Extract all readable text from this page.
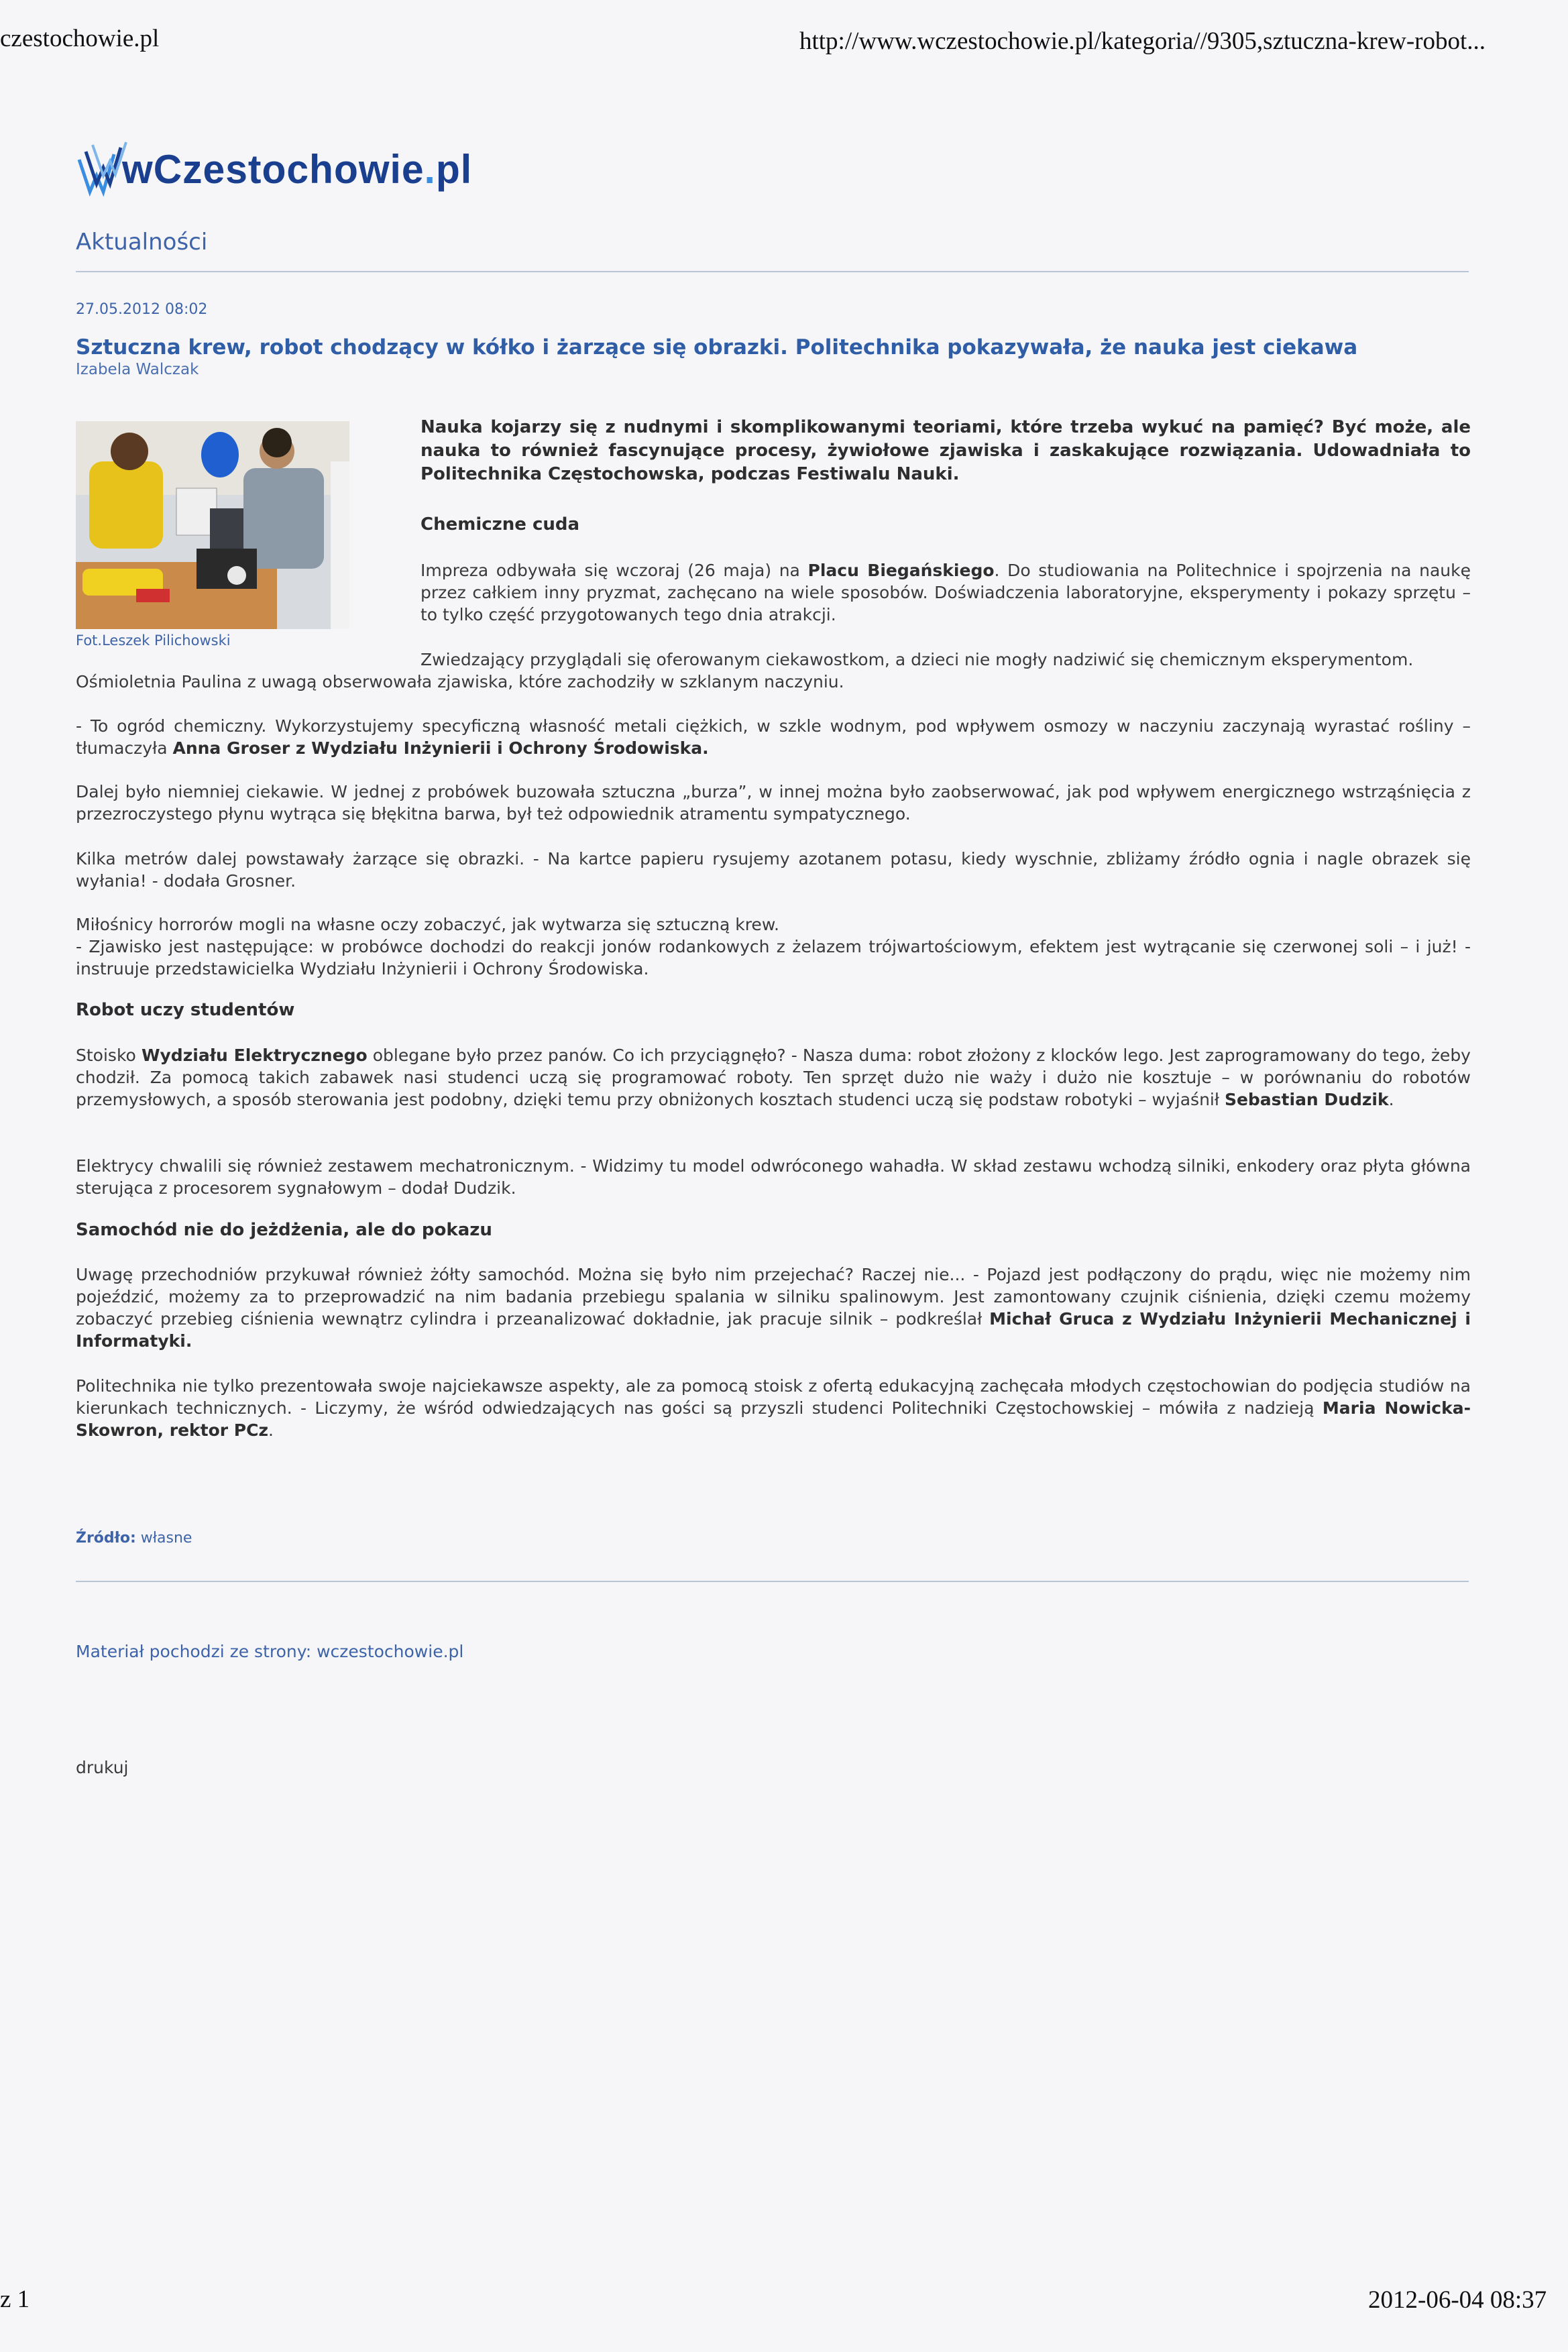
czestochowie.pl	http://www.wczestochowie.pl/kategoria//9305,sztuczna-krew-robot...
wCzestochowie.pl
Aktualności
27.05.2012 08:02
Sztuczna krew, robot chodzący w kółko i żarzące się obrazki. Politechnika pokazywała, że nauka jest ciekawa
Izabela Walczak
Fot.Leszek Pilichowski
Nauka kojarzy się z nudnymi i skomplikowanymi teoriami, które trzeba wykuć na pamięć? Być może, ale nauka to również fascynujące procesy, żywiołowe zjawiska i zaskakujące rozwiązania. Udowadniała to Politechnika Częstochowska, podczas Festiwalu Nauki.
Chemiczne cuda
Impreza odbywała się wczoraj (26 maja) na Placu Biegańskiego. Do studiowania na Politechnice i spojrzenia na naukę przez całkiem inny pryzmat, zachęcano na wiele sposobów. Doświadczenia laboratoryjne, eksperymenty i pokazy sprzętu – to tylko część przygotowanych tego dnia atrakcji.
Zwiedzający przyglądali się oferowanym ciekawostkom, a dzieci nie mogły nadziwić się chemicznym eksperymentom.
Ośmioletnia Paulina z uwagą obserwowała zjawiska, które zachodziły w szklanym naczyniu.
- To ogród chemiczny. Wykorzystujemy specyficzną własność metali ciężkich, w szkle wodnym, pod wpływem osmozy w naczyniu zaczynają wyrastać rośliny – tłumaczyła Anna Groser z Wydziału Inżynierii i Ochrony Środowiska.
Dalej było niemniej ciekawie. W jednej z probówek buzowała sztuczna „burza”, w innej można było zaobserwować, jak pod wpływem energicznego wstrząśnięcia z przezroczystego płynu wytrąca się błękitna barwa, był też odpowiednik atramentu sympatycznego.
Kilka metrów dalej powstawały żarzące się obrazki. - Na kartce papieru rysujemy azotanem potasu, kiedy wyschnie, zbliżamy źródło ognia i nagle obrazek się wyłania! - dodała Grosner.
Miłośnicy horrorów mogli na własne oczy zobaczyć, jak wytwarza się sztuczną krew.
- Zjawisko jest następujące: w probówce dochodzi do reakcji jonów rodankowych z żelazem trójwartościowym, efektem jest wytrącanie się czerwonej soli – i już! - instruuje przedstawicielka Wydziału Inżynierii i Ochrony Środowiska.
Robot uczy studentów
Stoisko Wydziału Elektrycznego oblegane było przez panów. Co ich przyciągnęło? - Nasza duma: robot złożony z klocków lego. Jest zaprogramowany do tego, żeby chodził. Za pomocą takich zabawek nasi studenci uczą się programować roboty. Ten sprzęt dużo nie waży i dużo nie kosztuje – w porównaniu do robotów przemysłowych, a sposób sterowania jest podobny, dzięki temu przy obniżonych kosztach studenci uczą się podstaw robotyki – wyjaśnił Sebastian Dudzik.
Elektrycy chwalili się również zestawem mechatronicznym. - Widzimy tu model odwróconego wahadła. W skład zestawu wchodzą silniki, enkodery oraz płyta główna sterująca z procesorem sygnałowym – dodał Dudzik.
Samochód nie do jeżdżenia, ale do pokazu
Uwagę przechodniów przykuwał również żółty samochód. Można się było nim przejechać? Raczej nie... - Pojazd jest podłączony do prądu, więc nie możemy nim pojeździć, możemy za to przeprowadzić na nim badania przebiegu spalania w silniku spalinowym. Jest zamontowany czujnik ciśnienia, dzięki czemu możemy zobaczyć przebieg ciśnienia wewnątrz cylindra i przeanalizować dokładnie, jak pracuje silnik – podkreślał Michał Gruca z Wydziału Inżynierii Mechanicznej i Informatyki.
Politechnika nie tylko prezentowała swoje najciekawsze aspekty, ale za pomocą stoisk z ofertą edukacyjną zachęcała młodych częstochowian do podjęcia studiów na kierunkach technicznych. - Liczymy, że wśród odwiedzających nas gości są przyszli studenci Politechniki Częstochowskiej – mówiła z nadzieją Maria Nowicka-Skowron, rektor PCz.
Źródło: własne
Materiał pochodzi ze strony: wczestochowie.pl
drukuj
z 1	2012-06-04 08:37
